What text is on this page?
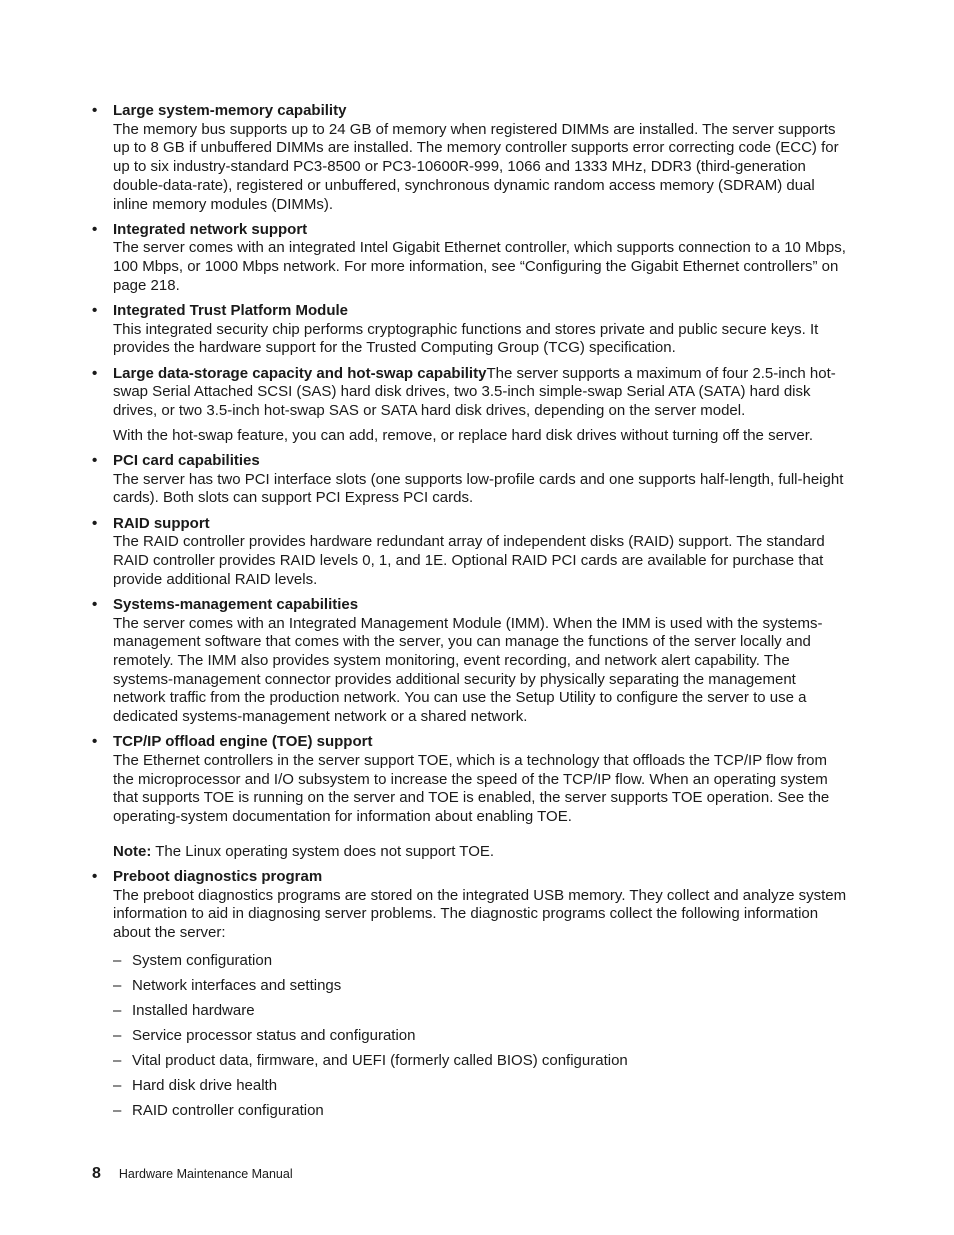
• Large system-memory capability
The memory bus supports up to 24 GB of memory when registered DIMMs are installed. The server supports up to 8 GB if unbuffered DIMMs are installed. The memory controller supports error correcting code (ECC) for up to six industry-standard PC3-8500 or PC3-10600R-999, 1066 and 1333 MHz, DDR3 (third-generation double-data-rate), registered or unbuffered, synchronous dynamic random access memory (SDRAM) dual inline memory modules (DIMMs).
• Integrated network support
The server comes with an integrated Intel Gigabit Ethernet controller, which supports connection to a 10 Mbps, 100 Mbps, or 1000 Mbps network. For more information, see “Configuring the Gigabit Ethernet controllers” on page 218.
• Integrated Trust Platform Module
This integrated security chip performs cryptographic functions and stores private and public secure keys. It provides the hardware support for the Trusted Computing Group (TCG) specification.
• Large data-storage capacity and hot-swap capabilityThe server supports a maximum of four 2.5-inch hot-swap Serial Attached SCSI (SAS) hard disk drives, two 3.5-inch simple-swap Serial ATA (SATA) hard disk drives, or two 3.5-inch hot-swap SAS or SATA hard disk drives, depending on the server model.
With the hot-swap feature, you can add, remove, or replace hard disk drives without turning off the server.
• PCI card capabilities
The server has two PCI interface slots (one supports low-profile cards and one supports half-length, full-height cards). Both slots can support PCI Express PCI cards.
• RAID support
The RAID controller provides hardware redundant array of independent disks (RAID) support. The standard RAID controller provides RAID levels 0, 1, and 1E. Optional RAID PCI cards are available for purchase that provide additional RAID levels.
• Systems-management capabilities
The server comes with an Integrated Management Module (IMM). When the IMM is used with the systems-management software that comes with the server, you can manage the functions of the server locally and remotely. The IMM also provides system monitoring, event recording, and network alert capability. The systems-management connector provides additional security by physically separating the management network traffic from the production network. You can use the Setup Utility to configure the server to use a dedicated systems-management network or a shared network.
• TCP/IP offload engine (TOE) support
The Ethernet controllers in the server support TOE, which is a technology that offloads the TCP/IP flow from the microprocessor and I/O subsystem to increase the speed of the TCP/IP flow. When an operating system that supports TOE is running on the server and TOE is enabled, the server supports TOE operation. See the operating-system documentation for information about enabling TOE.
Note: The Linux operating system does not support TOE.
• Preboot diagnostics program
The preboot diagnostics programs are stored on the integrated USB memory. They collect and analyze system information to aid in diagnosing server problems. The diagnostic programs collect the following information about the server:
– System configuration
– Network interfaces and settings
– Installed hardware
– Service processor status and configuration
– Vital product data, firmware, and UEFI (formerly called BIOS) configuration
– Hard disk drive health
– RAID controller configuration
8 Hardware Maintenance Manual
